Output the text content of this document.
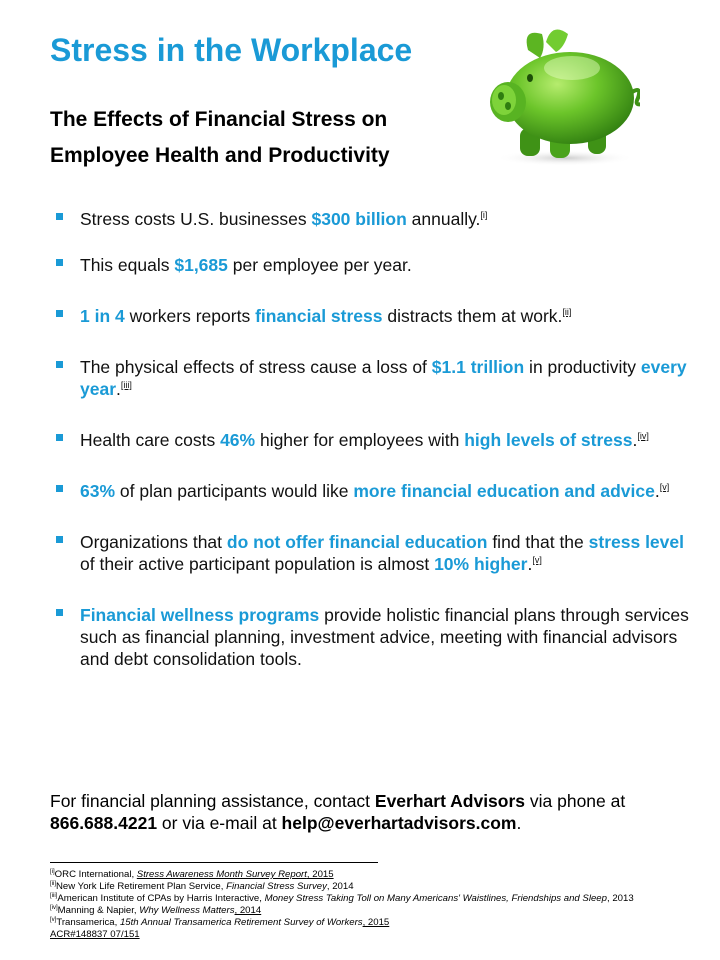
Stress in the Workplace
The Effects of Financial Stress on
Employee Health and Productivity
Stress costs U.S. businesses $300 billion annually.[i]
This equals $1,685 per employee per year.
1 in 4 workers reports financial stress distracts them at work.[ii]
The physical effects of stress cause a loss of $1.1 trillion in productivity every year.[iii]
Health care costs 46% higher for employees with high levels of stress.[iv]
63% of plan participants would like more financial education and advice.[v]
Organizations that do not offer financial education find that the stress level of their active participant population is almost 10% higher.[v]
Financial wellness programs provide holistic financial plans through services such as financial planning, investment advice, meeting with financial advisors and debt consolidation tools.
For financial planning assistance, contact Everhart Advisors via phone at 866.688.4221 or via e-mail at help@everhartadvisors.com.
[i]ORC International, Stress Awareness Month Survey Report, 2015
[ii]New York Life Retirement Plan Service, Financial Stress Survey, 2014
[iii]American Institute of CPAs by Harris Interactive, Money Stress Taking Toll on Many Americans' Waistlines, Friendships and Sleep, 2013
[iv]Manning & Napier, Why Wellness Matters, 2014
[v]Transamerica, 15th Annual Transamerica Retirement Survey of Workers, 2015
ACR#148837 07/151
